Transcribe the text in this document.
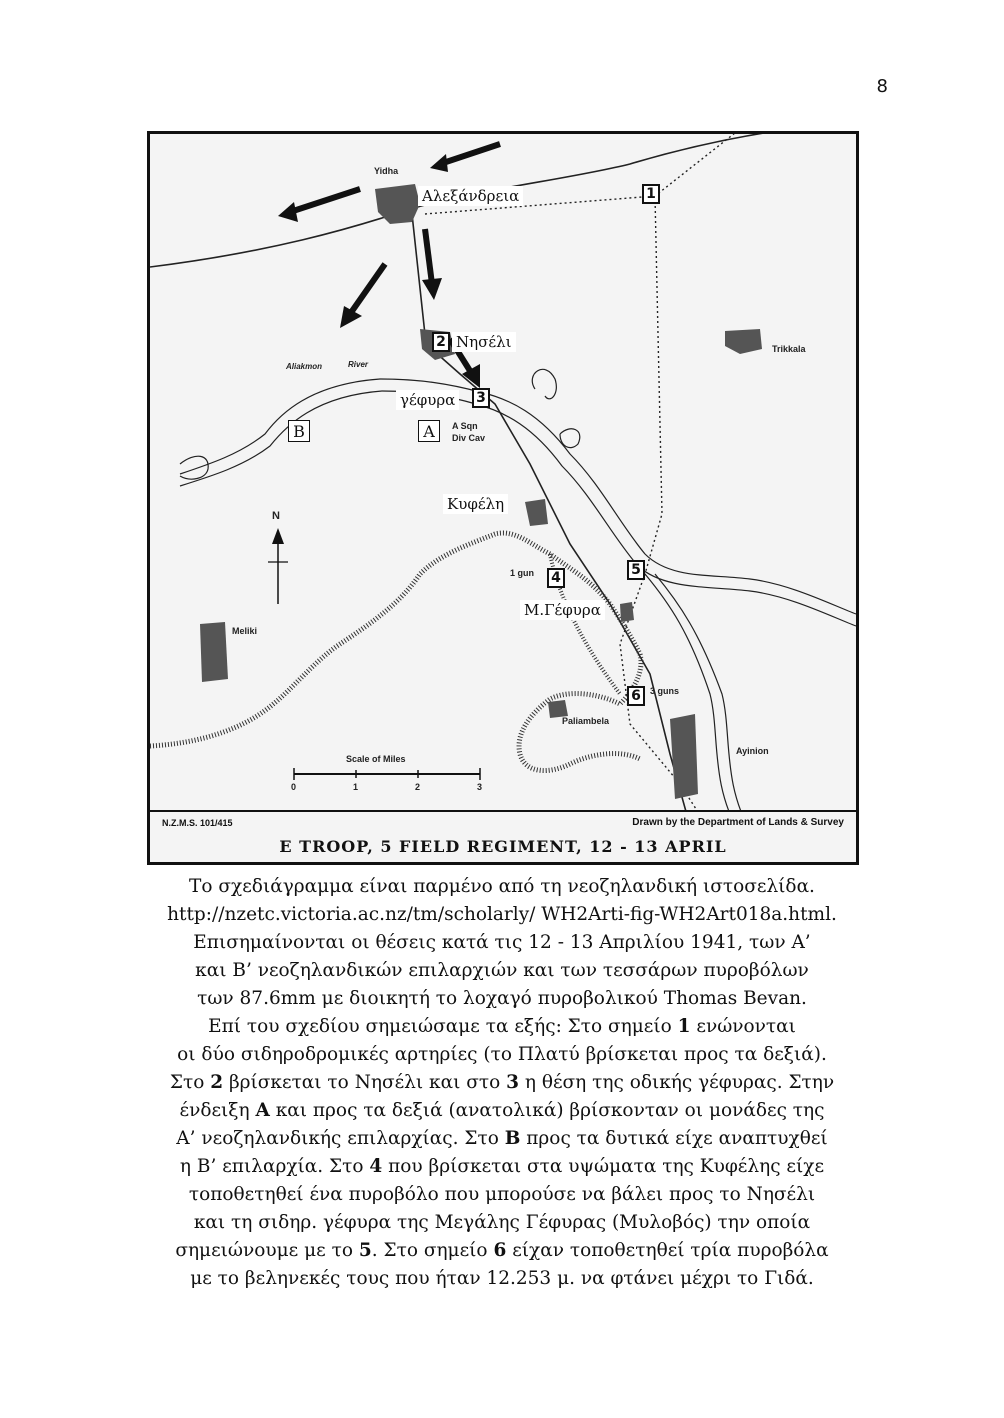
8
Yidha
Trikkala
Meliki
Paliambela
Ayinion
Aliakmon	River
A Sqn
Div Cav
1 gun
3 guns
N
Scale of Miles
0	1	2	3
Αλεξάνδρεια
Νησέλι
γέφυρα
Κυφέλη
Μ.Γέφυρα
1
2
3
4	5
6
A
B
N.Z.M.S. 101/415	Drawn by the Department of Lands & Survey
E TROOP, 5 FIELD REGIMENT, 12 - 13 APRIL

Το σχεδιάγραμμα είναι παρμένο από τη νεοζηλανδική ιστοσελίδα.

http://nzetc.victoria.ac.nz/tm/scholarly/ WH2Arti-fig-WH2Art018a.html.

Επισημαίνονται οι θέσεις κατά τις 12 - 13 Απριλίου 1941, των Α’

και Β’ νεοζηλανδικών επιλαρχιών και των τεσσάρων πυροβόλων

των 87.6mm με διοικητή το λοχαγό πυροβολικού Thomas Bevan.

Επί του σχεδίου σημειώσαμε τα εξής: Στο σημείο 1 ενώνονται

οι δύο σιδηροδρομικές αρτηρίες (το Πλατύ βρίσκεται προς τα δεξιά).

Στο 2 βρίσκεται το Νησέλι και στο 3 η θέση της οδικής γέφυρας. Στην

ένδειξη Α και προς τα δεξιά (ανατολικά) βρίσκονταν οι μονάδες της

Α’ νεοζηλανδικής επιλαρχίας. Στο Β προς τα δυτικά είχε αναπτυχθεί

η Β’ επιλαρχία. Στο 4 που βρίσκεται στα υψώματα της Κυφέλης είχε

τοποθετηθεί ένα πυροβόλο που μπορούσε να βάλει προς το Νησέλι

και τη σιδηρ. γέφυρα της Μεγάλης Γέφυρας (Μυλοβός) την οποία

σημειώνουμε με το 5. Στο σημείο 6 είχαν τοποθετηθεί τρία πυροβόλα

με το βεληνεκές τους που ήταν 12.253 μ. να φτάνει μέχρι το Γιδά.
